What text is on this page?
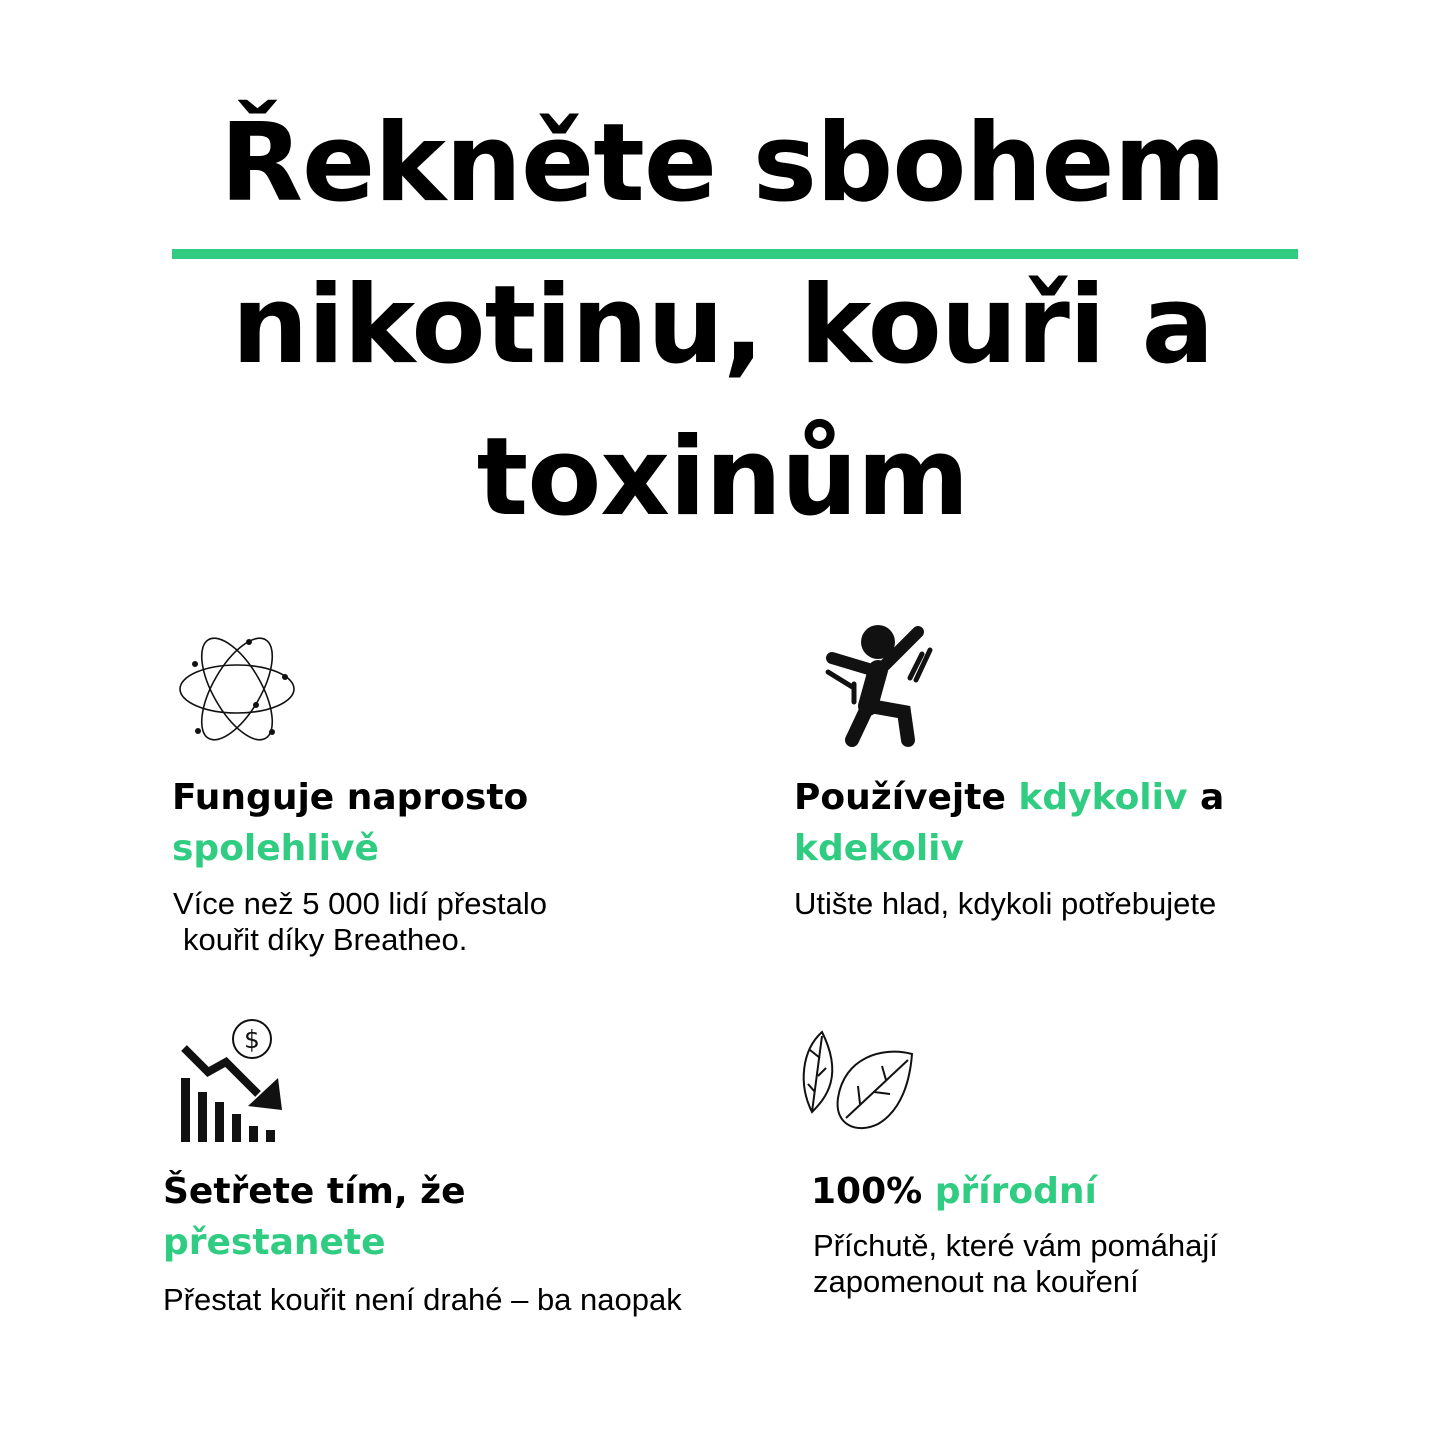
Řekněte sbohem
nikotinu, kouři a
toxinům
Funguje naprosto
spolehlivě
Více než 5 000 lidí přestalo
kouřit díky Breatheo.
Používejte kdykoliv a
kdekoliv
Utište hlad, kdykoli potřebujete
$
Šetřete tím, že
přestanete
Přestat kouřit není drahé – ba naopak
100% přírodní
Příchutě, které vám pomáhají
zapomenout na kouření
